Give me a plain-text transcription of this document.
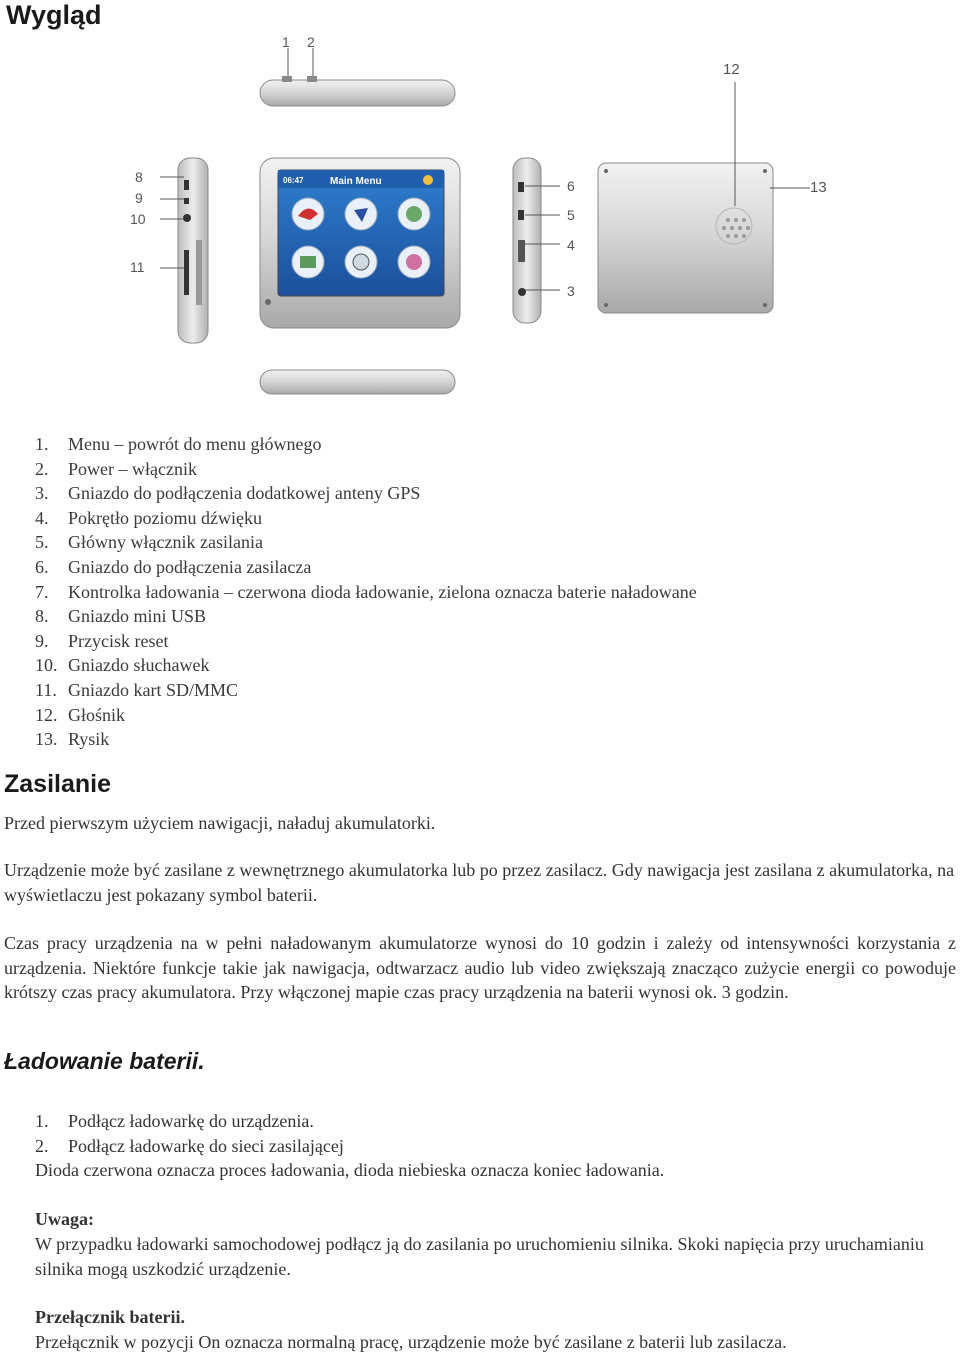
Wygląd
1 2
8
9
10
11
06:47	Main Menu	6
5
4
3
12
13
1. Menu – powrót do menu głównego
2. Power – włącznik
3. Gniazdo do podłączenia dodatkowej anteny GPS
4. Pokrętło poziomu dźwięku
5. Główny włącznik zasilania
6. Gniazdo do podłączenia zasilacza
7. Kontrolka ładowania – czerwona dioda ładowanie, zielona oznacza baterie naładowane
8. Gniazdo mini USB
9. Przycisk reset
10. Gniazdo słuchawek
11. Gniazdo kart SD/MMC
12. Głośnik
13. Rysik
Zasilanie

Przed pierwszym użyciem nawigacji, naładuj akumulatorki.

Urządzenie może być zasilane z wewnętrznego akumulatorka lub po przez zasilacz. Gdy nawigacja jest zasilana z akumulatorka, na wyświetlaczu jest pokazany symbol baterii.

Czas pracy urządzenia na w pełni naładowanym akumulatorze wynosi do 10 godzin i zależy od intensywności korzystania z urządzenia. Niektóre funkcje takie jak nawigacja, odtwarzacz audio lub video zwiększają znacząco zużycie energii co powoduje krótszy czas pracy akumulatora. Przy włączonej mapie czas pracy urządzenia na baterii wynosi ok. 3 godzin.

Ładowanie baterii.
1. Podłącz ładowarkę do urządzenia.
2. Podłącz ładowarkę do sieci zasilającej

Dioda czerwona oznacza proces ładowania, dioda niebieska oznacza koniec ładowania.

Uwaga:

W przypadku ładowarki samochodowej podłącz ją do zasilania po uruchomieniu silnika. Skoki napięcia przy uruchamianiu silnika mogą uszkodzić urządzenie.

Przełącznik baterii.

Przełącznik w pozycji On oznacza normalną pracę, urządzenie może być zasilane z baterii lub zasilacza.
